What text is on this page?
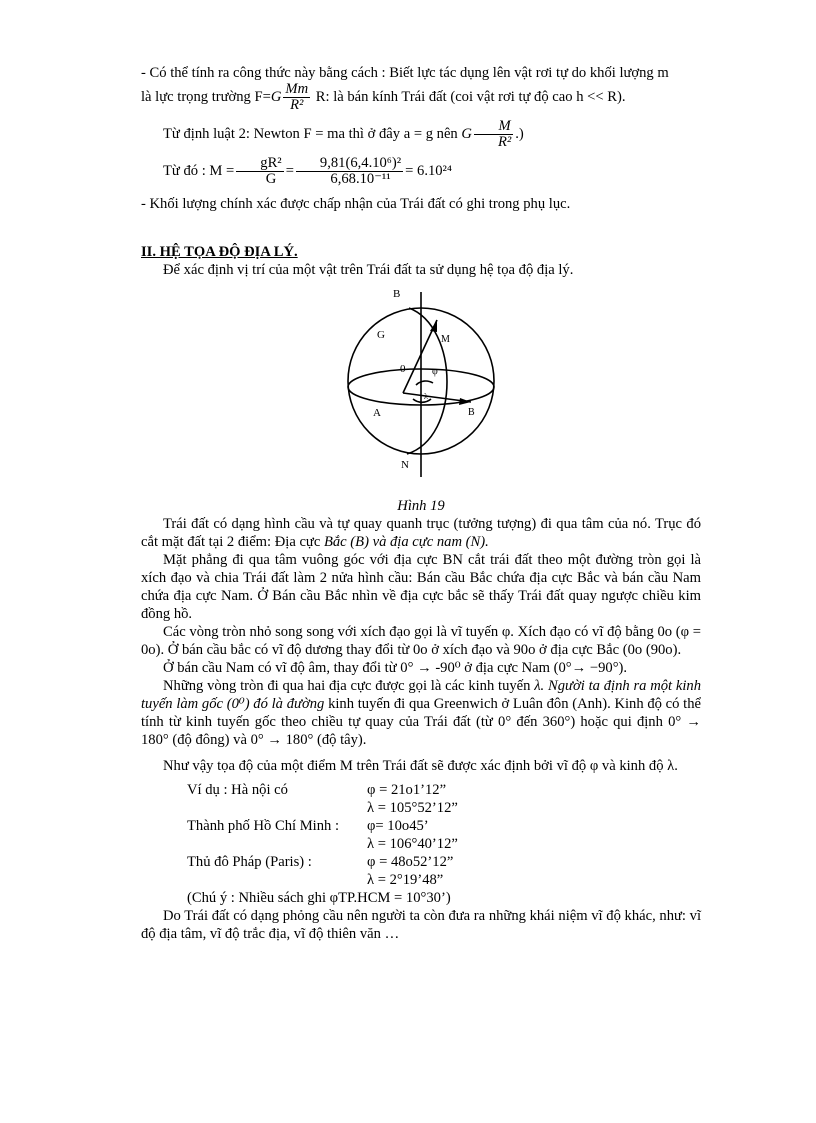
- Có thể tính ra công thức này bằng cách : Biết lực tác dụng lên vật rơi tự do khối lượng m

là lực trọng trường $F=G \frac{Mm}{\text{R²}} R$: là bán kính Trái đất (coi vật rơi tự độ cao h << R).

Từ định luật 2: Newton F = ma thì ở đây a = g nên G $\frac{M}{\text{R²}}$ .)

Từ đó : $M = \frac{\text{gR²}}{G} = \frac{\text{9,81(6,4.10⁶)²}}{\text{6,68.10⁻¹¹}} = 6.10^{24}$

- Khối lượng chính xác được chấp nhận của Trái đất có ghi trong phụ lục.

II. HỆ TỌA ĐỘ ĐỊA LÝ.

Để xác định vị trí của một vật trên Trái đất ta sử dụng hệ tọa độ địa lý.

B
G	M
0	φ
λ
B
A
N

Hình 19

Trái đất có dạng hình cầu và tự quay quanh trục (tưởng tượng) đi qua tâm của nó. Trục đó cắt mặt đất tại 2 điểm: Địa cực Bắc (B) và địa cực nam (N).

Mặt phẳng đi qua tâm vuông góc với địa cực BN cắt trái đất theo một đường tròn gọi là xích đạo và chia Trái đất làm 2 nửa hình cầu: Bán cầu Bắc chứa địa cực Bắc và bán cầu Nam chứa địa cực Nam. Ở Bán cầu Bắc nhìn về địa cực bắc sẽ thấy Trái đất quay ngược chiều kim đồng hồ.

Các vòng tròn nhỏ song song với xích đạo gọi là vĩ tuyến φ. Xích đạo có vĩ độ bằng 0o (φ = 0o). Ở bán cầu bắc có vĩ độ dương thay đổi từ 0o ở xích đạo và 90o ở địa cực Bắc (0o (90o).

Ở bán cầu Nam có vĩ độ âm, thay đổi từ 0° → -90⁰ ở địa cực Nam (0°→ −90°).

Những vòng tròn đi qua hai địa cực được gọi là các kinh tuyến λ. Người ta định ra một kinh tuyến làm gốc (0⁰) đó là đường kinh tuyến đi qua Greenwich ở Luân đôn (Anh). Kinh độ có thể tính từ kinh tuyến gốc theo chiều tự quay của Trái đất (từ 0° đến 360°) hoặc qui định 0° → 180° (độ đông) và 0° → 180° (độ tây).

Như vậy tọa độ của một điểm M trên Trái đất sẽ được xác định bởi vĩ độ φ và kinh độ λ.

Ví dụ : Hà nội có	φ = 21o1’12”
λ = 105°52’12”
Thành phố Hồ Chí Minh :	φ= 10o45’
λ = 106°40’12”
Thủ đô Pháp (Paris) :	φ = 48o52’12”
λ = 2°19’48”

(Chú ý : Nhiều sách ghi φTP.HCM = 10°30’)

Do Trái đất có dạng phỏng cầu nên người ta còn đưa ra những khái niệm vĩ độ khác, như: vĩ độ địa tâm, vĩ độ trắc địa, vĩ độ thiên văn …
